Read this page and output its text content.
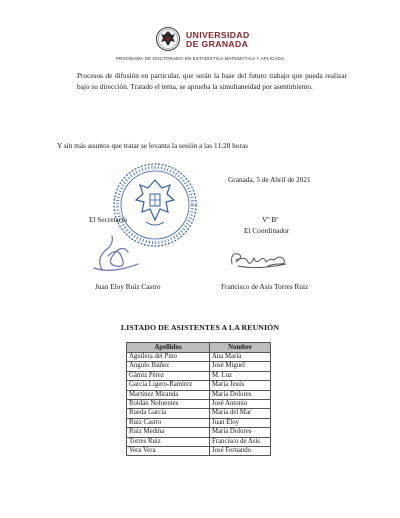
UNIVERSIDAD
DE GRANADA
PROGRAMA DE DOCTORADO EN ESTADÍSTICA MATEMÁTICA Y APLICADA
Procesos de difusión en particular, que serán la base del futuro trabajo que pueda realizar bajo su dirección. Tratado el tema, se aprueba la simultaneidad por asentimiento.
Y sin más asuntos que tratar se levanta la sesión a las 11:28 horas
Granada, 5 de Abril de 2021
El Secretario	Vº Bº
El Coordinador
Juan Eloy Ruiz Castro	Francisco de Asís Torres Ruiz
LISTADO DE ASISTENTES A LA REUNIÓN
Apellidos	Nombre
Aguilera del Pino	Ana María
Angulo Ibáñez	José Miguel
Gámiz Pérez	M. Luz
García Ligero-Ramírez	María Jesús
Martínez Miranda	María Dolores
Roldán Nofuentes	José Antonio
Rueda García	María del Mar
Ruiz Castro	Juan Eloy
Ruiz Medina	María Dolores
Torres Ruiz	Francisco de Asís
Vera Vera	José Fernando
